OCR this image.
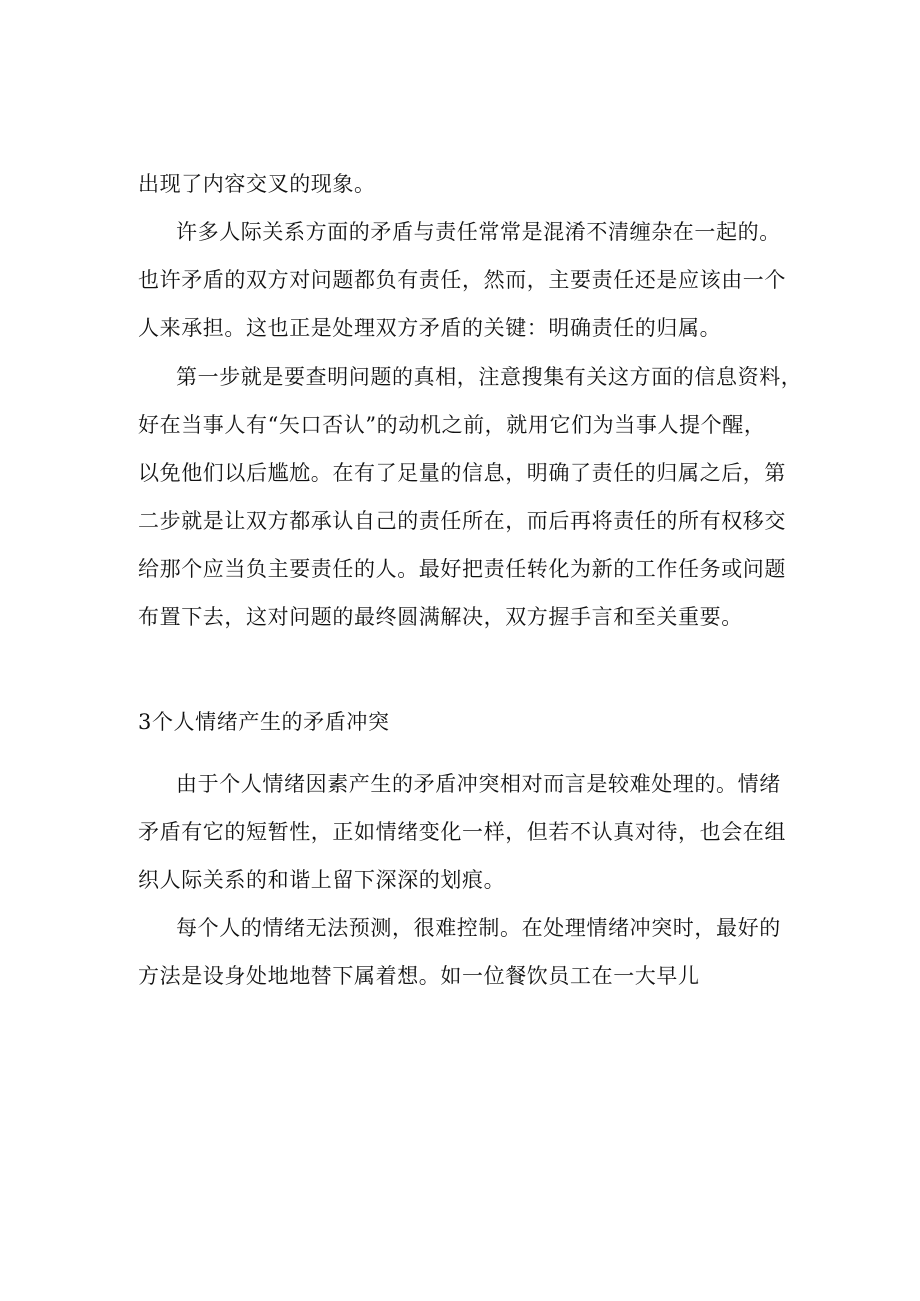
出现了内容交叉的现象。
许多人际关系方面的矛盾与责任常常是混淆不清缠杂在一起的。
也许矛盾的双方对问题都负有责任，然而，主要责任还是应该由一个
人来承担。这也正是处理双方矛盾的关键：明确责任的归属。
第一步就是要查明问题的真相，注意搜集有关这方面的信息资料，
好在当事人有“矢口否认”的动机之前，就用它们为当事人提个醒，
以免他们以后尴尬。在有了足量的信息，明确了责任的归属之后，第
二步就是让双方都承认自己的责任所在，而后再将责任的所有权移交
给那个应当负主要责任的人。最好把责任转化为新的工作任务或问题
布置下去，这对问题的最终圆满解决，双方握手言和至关重要。
3个人情绪产生的矛盾冲突
由于个人情绪因素产生的矛盾冲突相对而言是较难处理的。情绪
矛盾有它的短暂性，正如情绪变化一样，但若不认真对待，也会在组
织人际关系的和谐上留下深深的划痕。
每个人的情绪无法预测，很难控制。在处理情绪冲突时，最好的
方法是设身处地地替下属着想。如一位餐饮员工在一大早儿
